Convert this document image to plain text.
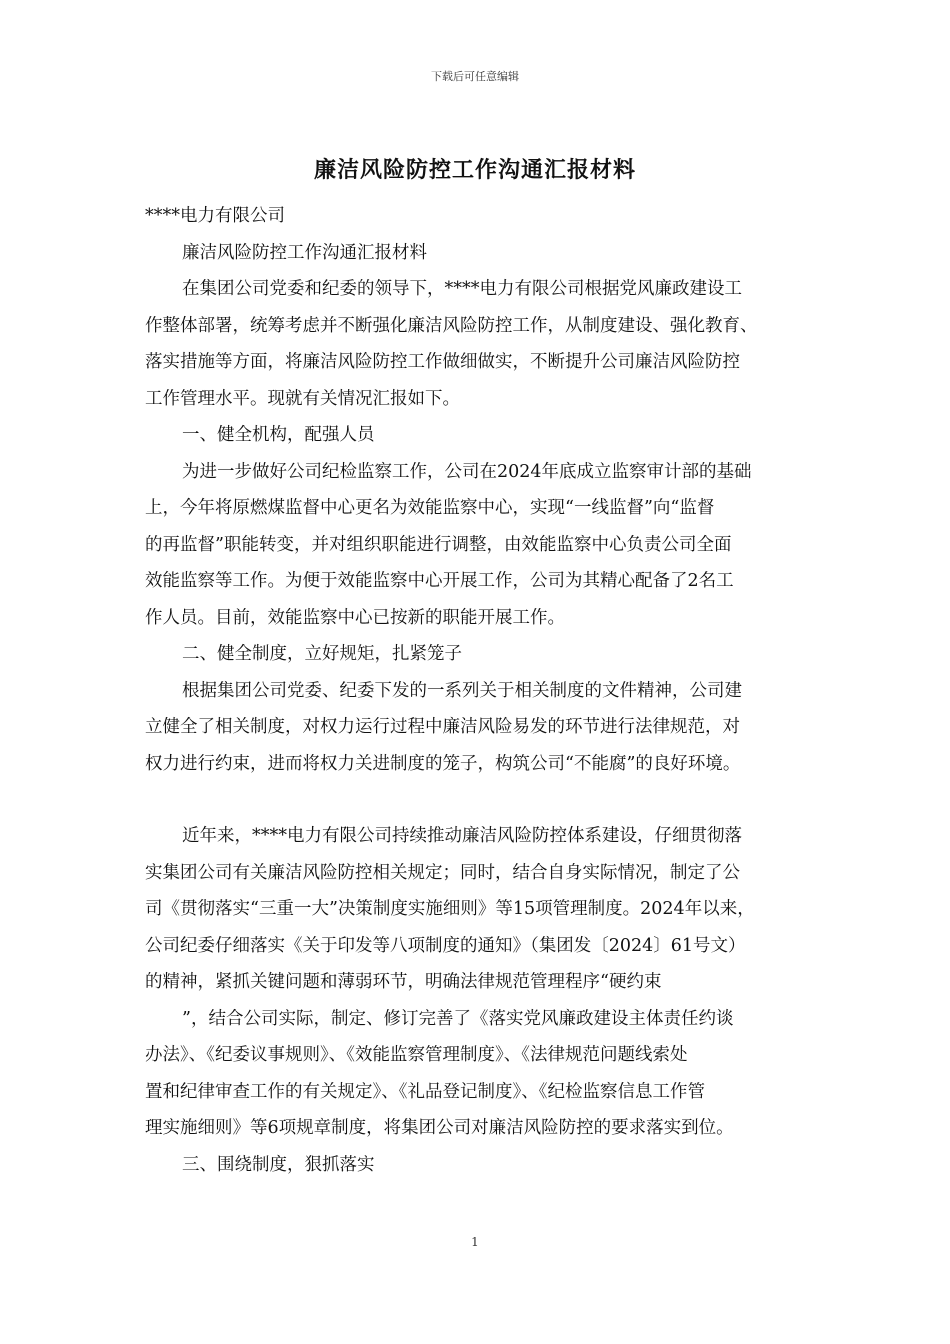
下载后可任意编辑
廉洁风险防控工作沟通汇报材料
****电力有限公司
廉洁风险防控工作沟通汇报材料
在集团公司党委和纪委的领导下，****电力有限公司根据党风廉政建设工
作整体部署，统筹考虑并不断强化廉洁风险防控工作，从制度建设、强化教育、
落实措施等方面，将廉洁风险防控工作做细做实，不断提升公司廉洁风险防控
工作管理水平。现就有关情况汇报如下。
一、健全机构，配强人员
为进一步做好公司纪检监察工作，公司在2024年底成立监察审计部的基础
上，今年将原燃煤监督中心更名为效能监察中心，实现“一线监督”向“监督
的再监督”职能转变，并对组织职能进行调整，由效能监察中心负责公司全面
效能监察等工作。为便于效能监察中心开展工作，公司为其精心配备了2名工
作人员。目前，效能监察中心已按新的职能开展工作。
二、健全制度，立好规矩，扎紧笼子
根据集团公司党委、纪委下发的一系列关于相关制度的文件精神，公司建
立健全了相关制度，对权力运行过程中廉洁风险易发的环节进行法律规范，对
权力进行约束，进而将权力关进制度的笼子，构筑公司“不能腐”的良好环境。
近年来，****电力有限公司持续推动廉洁风险防控体系建设，仔细贯彻落
实集团公司有关廉洁风险防控相关规定；同时，结合自身实际情况，制定了公
司《贯彻落实“三重一大”决策制度实施细则》等15项管理制度。2024年以来，
公司纪委仔细落实《关于印发等八项制度的通知》（集团发〔2024〕61号文）
的精神，紧抓关键问题和薄弱环节，明确法律规范管理程序“硬约束
”，结合公司实际，制定、修订完善了《落实党风廉政建设主体责任约谈
办法》、《纪委议事规则》、《效能监察管理制度》、《法律规范问题线索处
置和纪律审查工作的有关规定》、《礼品登记制度》、《纪检监察信息工作管
理实施细则》等6项规章制度，将集团公司对廉洁风险防控的要求落实到位。
三、围绕制度，狠抓落实
1
